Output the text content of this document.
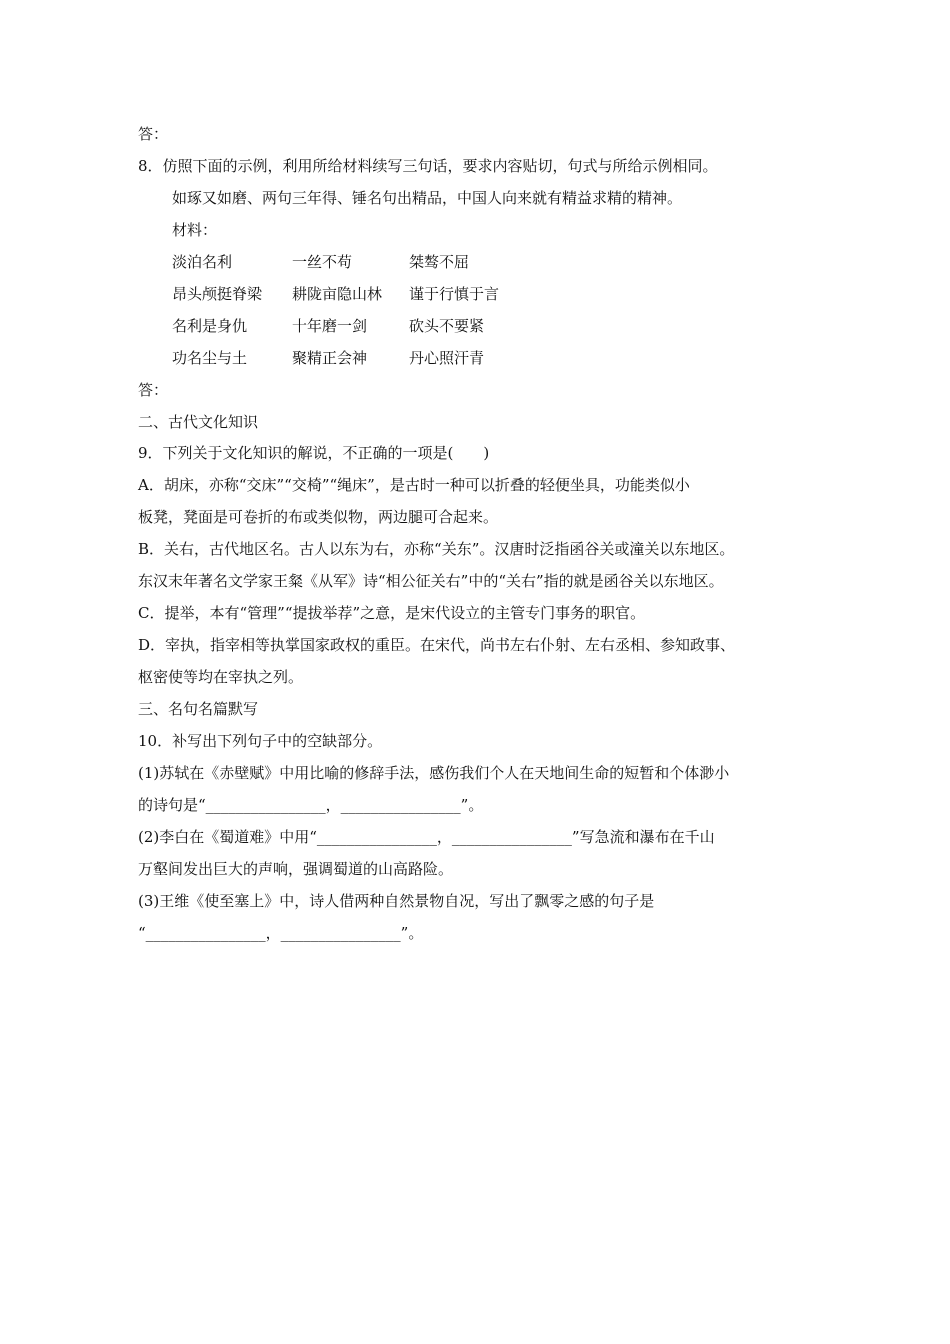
答：
8．仿照下面的示例，利用所给材料续写三句话，要求内容贴切，句式与所给示例相同。
如琢又如磨、两句三年得、锤名句出精品，中国人向来就有精益求精的精神。
材料：
淡泊名利	一丝不苟	桀骜不屈
昂头颅挺脊梁 耕陇亩隐山林 谨于行慎于言
名利是身仇	十年磨一剑	砍头不要紧
功名尘与土	聚精正会神	丹心照汗青
答：
二、古代文化知识
9．下列关于文化知识的解说，不正确的一项是(　　)
A．胡床，亦称“交床”“交椅”“绳床”，是古时一种可以折叠的轻便坐具，功能类似小
板凳，凳面是可卷折的布或类似物，两边腿可合起来。
B．关右，古代地区名。古人以东为右，亦称“关东”。汉唐时泛指函谷关或潼关以东地区。
东汉末年著名文学家王粲《从军》诗“相公征关右”中的“关右”指的就是函谷关以东地区。
C．提举，本有“管理”“提拔举荐”之意，是宋代设立的主管专门事务的职官。
D．宰执，指宰相等执掌国家政权的重臣。在宋代，尚书左右仆射、左右丞相、参知政事、
枢密使等均在宰执之列。
三、名句名篇默写
10．补写出下列句子中的空缺部分。
(1)苏轼在《赤壁赋》中用比喻的修辞手法，感伤我们个人在天地间生命的短暂和个体渺小
的诗句是“________________，________________”。
(2)李白在《蜀道难》中用“________________，________________”写急流和瀑布在千山
万壑间发出巨大的声响，强调蜀道的山高路险。
(3)王维《使至塞上》中，诗人借两种自然景物自况，写出了飘零之感的句子是
“________________，________________”。
